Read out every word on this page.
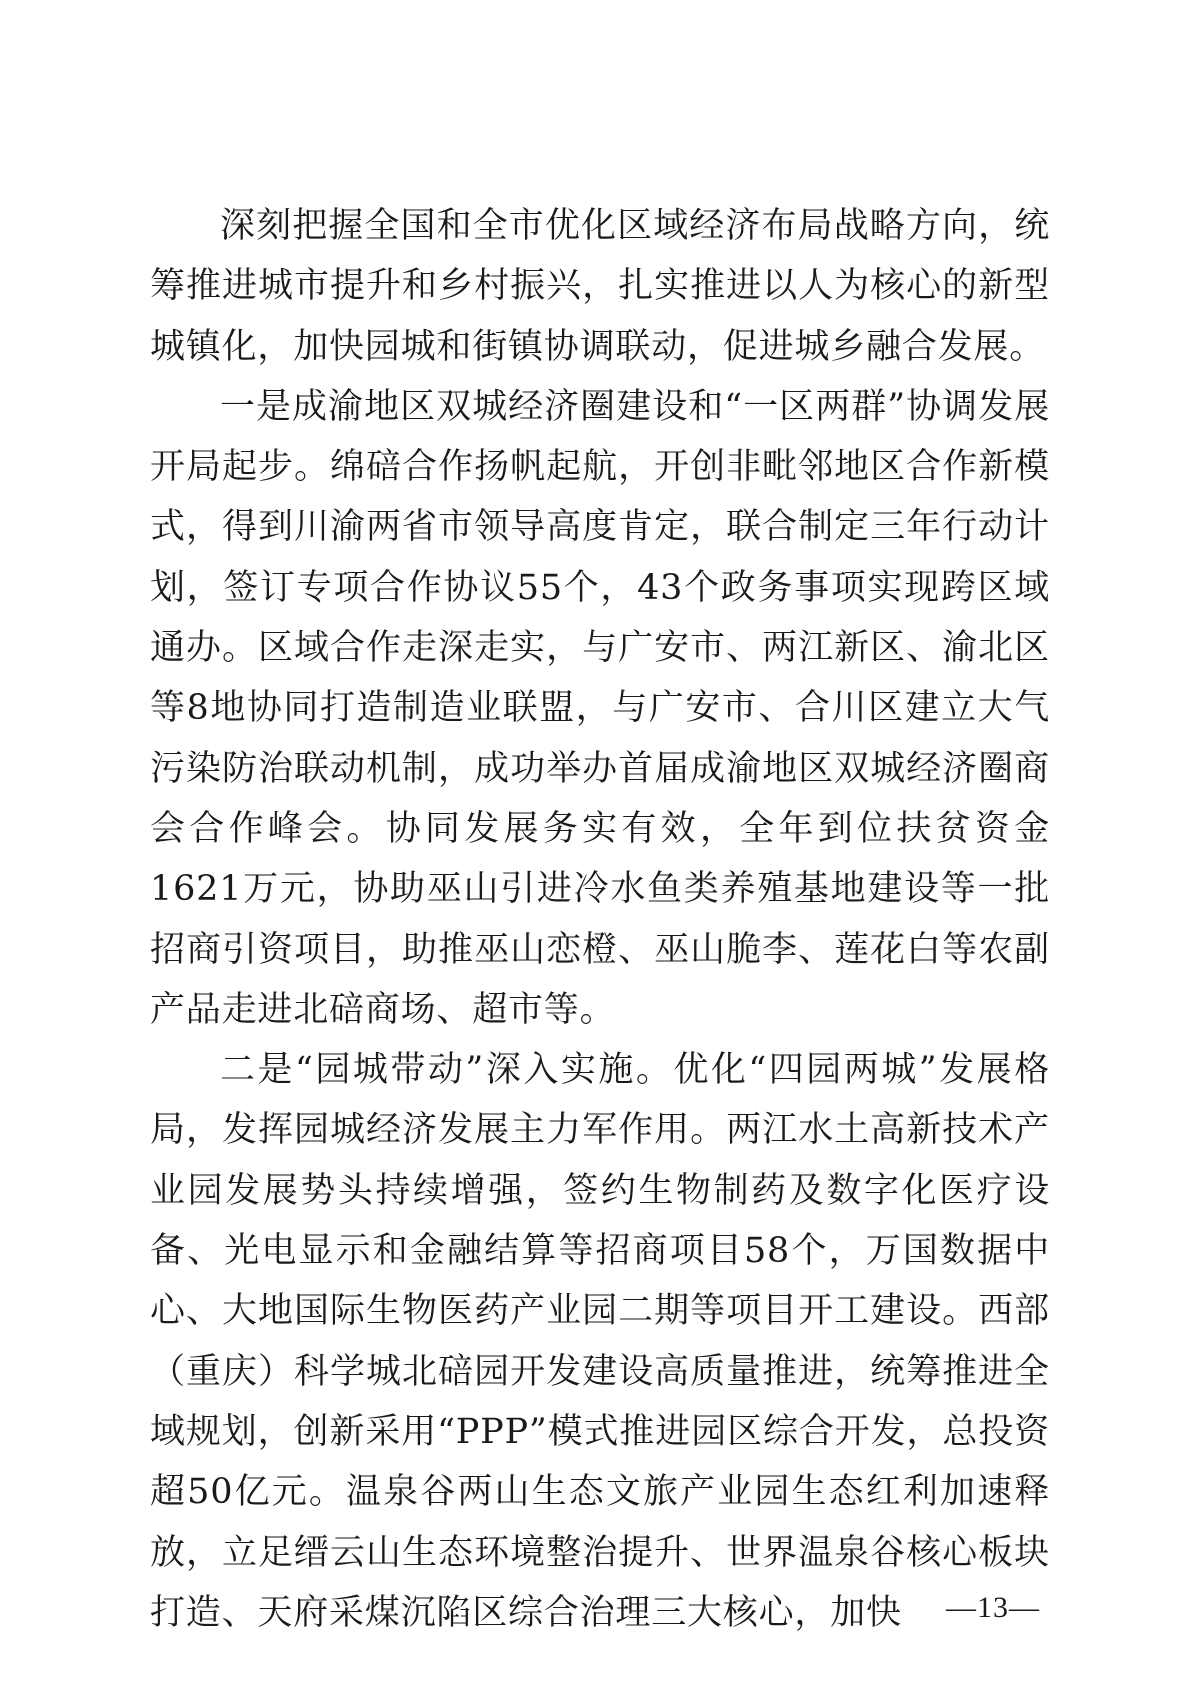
深刻把握全国和全市优化区域经济布局战略方向，统筹推进城市提升和乡村振兴，扎实推进以人为核心的新型城镇化，加快园城和街镇协调联动，促进城乡融合发展。

一是成渝地区双城经济圈建设和“一区两群”协调发展开局起步。绵碚合作扬帆起航，开创非毗邻地区合作新模式，得到川渝两省市领导高度肯定，联合制定三年行动计划，签订专项合作协议55个，43个政务事项实现跨区域通办。区域合作走深走实，与广安市、两江新区、渝北区等8地协同打造制造业联盟，与广安市、合川区建立大气污染防治联动机制，成功举办首届成渝地区双城经济圈商会合作峰会。协同发展务实有效，全年到位扶贫资金1621万元，协助巫山引进冷水鱼类养殖基地建设等一批招商引资项目，助推巫山恋橙、巫山脆李、莲花白等农副产品走进北碚商场、超市等。

二是“园城带动”深入实施。优化“四园两城”发展格局，发挥园城经济发展主力军作用。两江水土高新技术产业园发展势头持续增强，签约生物制药及数字化医疗设备、光电显示和金融结算等招商项目58个，万国数据中心、大地国际生物医药产业园二期等项目开工建设。西部（重庆）科学城北碚园开发建设高质量推进，统筹推进全域规划，创新采用“PPP”模式推进园区综合开发，总投资超50亿元。温泉谷两山生态文旅产业园生态红利加速释放，立足缙云山生态环境整治提升、世界温泉谷核心板块打造、天府采煤沉陷区综合治理三大核心，加快	—13—
